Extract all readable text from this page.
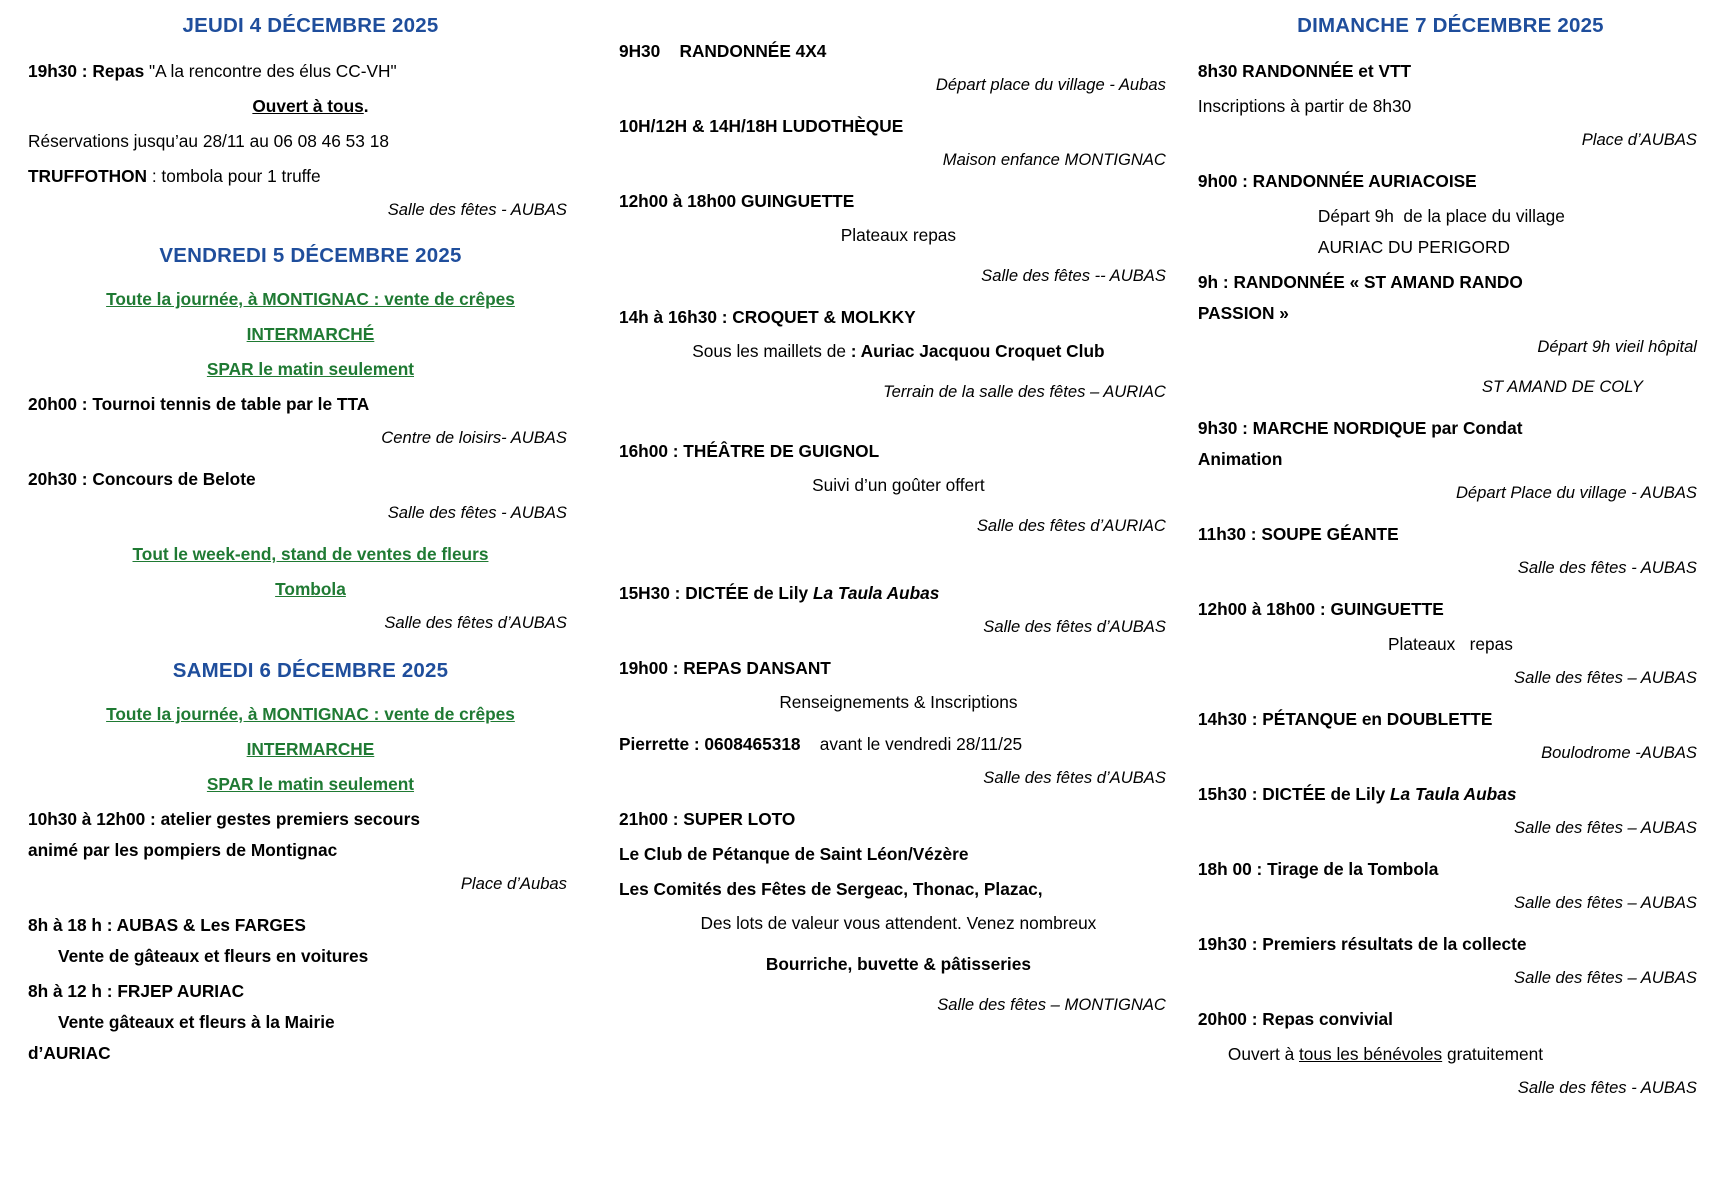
JEUDI 4 DÉCEMBRE 2025
19h30 : Repas "A la rencontre des élus CC-VH"
Ouvert à tous.
Réservations jusqu’au 28/11 au 06 08 46 53 18
TRUFFOTHON : tombola pour 1 truffe
Salle des fêtes - AUBAS
VENDREDI 5 DÉCEMBRE 2025
Toute la journée, à MONTIGNAC : vente de crêpes
INTERMARCHÉ
SPAR le matin seulement
20h00 : Tournoi tennis de table par le TTA
Centre de loisirs- AUBAS
20h30 : Concours de Belote
Salle des fêtes - AUBAS
Tout le week-end, stand de ventes de fleurs
Tombola
Salle des fêtes d’AUBAS
SAMEDI 6 DÉCEMBRE 2025
Toute la journée, à MONTIGNAC : vente de crêpes
INTERMARCHE
SPAR le matin seulement
10h30 à 12h00 : atelier gestes premiers secours
animé par les pompiers de Montignac
Place d’Aubas
8h à 18 h : AUBAS & Les FARGES
Vente de gâteaux et fleurs en voitures
8h à 12 h : FRJEP AURIAC
Vente gâteaux et fleurs à la Mairie
d’AURIAC
9H30    RANDONNÉE 4X4
Départ place du village - Aubas
10H/12H & 14H/18H LUDOTHÈQUE
Maison enfance MONTIGNAC
12h00 à 18h00 GUINGUETTE
Plateaux repas
Salle des fêtes -- AUBAS
14h à 16h30 : CROQUET & MOLKKY
Sous les maillets de : Auriac Jacquou Croquet Club
Terrain de la salle des fêtes – AURIAC
16h00 : THÉÂTRE DE GUIGNOL
Suivi d’un goûter offert
Salle des fêtes d’AURIAC
15H30 : DICTÉE de Lily La Taula Aubas
Salle des fêtes d’AUBAS
19h00 : REPAS DANSANT
Renseignements & Inscriptions
Pierrette : 0608465318 avant le vendredi 28/11/25
Salle des fêtes d’AUBAS
21h00 : SUPER LOTO
Le Club de Pétanque de Saint Léon/Vézère
Les Comités des Fêtes de Sergeac, Thonac, Plazac,
Des lots de valeur vous attendent. Venez nombreux
Bourriche, buvette & pâtisseries
Salle des fêtes – MONTIGNAC
DIMANCHE 7 DÉCEMBRE 2025
8h30 RANDONNÉE et VTT
Inscriptions à partir de 8h30
Place d’AUBAS
9h00 : RANDONNÉE AURIACOISE
Départ 9h  de la place du village
AURIAC DU PERIGORD
9h : RANDONNÉE « ST AMAND RANDO
PASSION »
Départ 9h vieil hôpital
ST AMAND DE COLY
9h30 : MARCHE NORDIQUE par Condat
Animation
Départ Place du village - AUBAS
11h30 : SOUPE GÉANTE
Salle des fêtes - AUBAS
12h00 à 18h00 : GUINGUETTE
Plateaux   repas
Salle des fêtes – AUBAS
14h30 : PÉTANQUE en DOUBLETTE
Boulodrome -AUBAS
15h30 : DICTÉE de Lily La Taula Aubas
Salle des fêtes – AUBAS
18h 00 : Tirage de la Tombola
Salle des fêtes – AUBAS
19h30 : Premiers résultats de la collecte
Salle des fêtes – AUBAS
20h00 : Repas convivial
Ouvert à tous les bénévoles gratuitement
Salle des fêtes - AUBAS
